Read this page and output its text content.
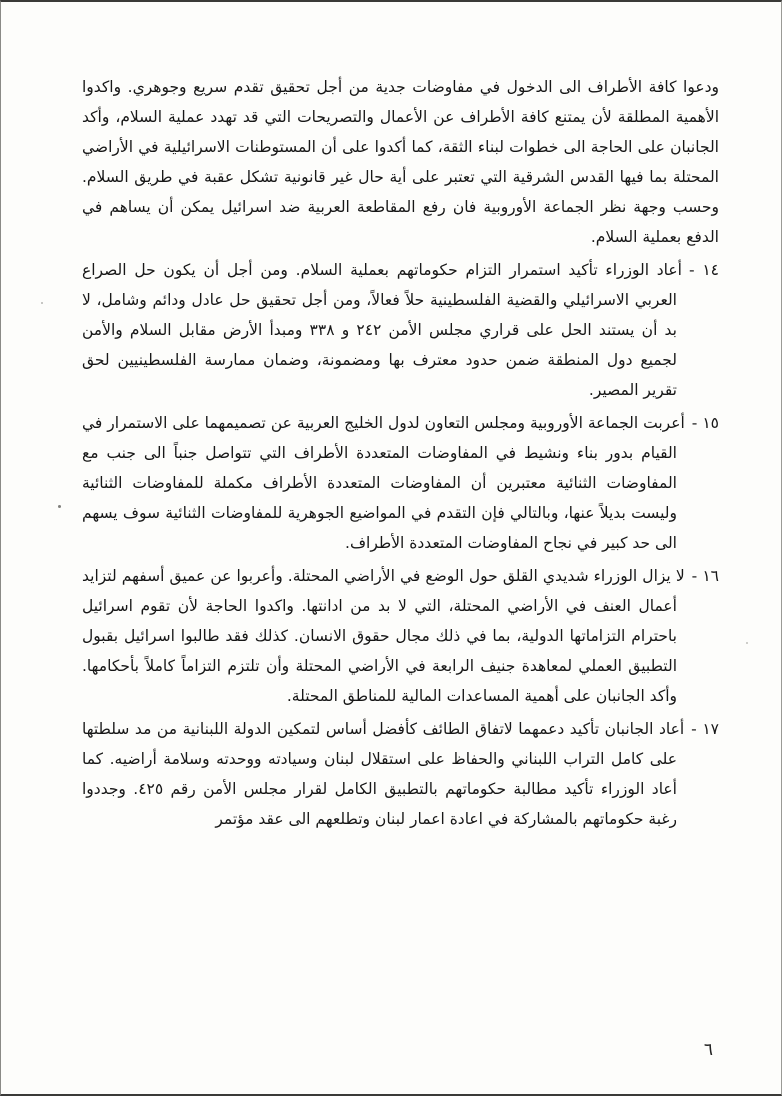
ودعوا كافة الأطراف الى الدخول في مفاوضات جدية من أجل تحقيق تقدم سريع وجوهري. واكدوا الأهمية المطلقة لأن يمتنع كافة الأطراف عن الأعمال والتصريحات التي قد تهدد عملية السلام، وأكد الجانبان على الحاجة الى خطوات لبناء الثقة، كما أكدوا على أن المستوطنات الاسرائيلية في الأراضي المحتلة بما فيها القدس الشرقية التي تعتبر على أية حال غير قانونية تشكل عقبة في طريق السلام. وحسب وجهة نظر الجماعة الأوروبية فان رفع المقاطعة العربية ضد اسرائيل يمكن أن يساهم في الدفع بعملية السلام.

١٤ -أعاد الوزراء تأكيد استمرار التزام حكوماتهم بعملية السلام. ومن أجل أن يكون حل الصراع العربي الاسرائيلي والقضية الفلسطينية حلاً فعالاً، ومن أجل تحقيق حل عادل ودائم وشامل، لا بد أن يستند الحل على قراري مجلس الأمن ٢٤٢ و ٣٣٨ ومبدأ الأرض مقابل السلام والأمن لجميع دول المنطقة ضمن حدود معترف بها ومضمونة، وضمان ممارسة الفلسطينيين لحق تقرير المصير.

١٥ -أعربت الجماعة الأوروبية ومجلس التعاون لدول الخليج العربية عن تصميمهما على الاستمرار في القيام بدور بناء ونشيط في المفاوضات المتعددة الأطراف التي تتواصل جنباً الى جنب مع المفاوضات الثنائية معتبرين أن المفاوضات المتعددة الأطراف مكملة للمفاوضات الثنائية وليست بديلاً عنها، وبالتالي فإن التقدم في المواضيع الجوهرية للمفاوضات الثنائية سوف يسهم الى حد كبير في نجاح المفاوضات المتعددة الأطراف.

١٦ -لا يزال الوزراء شديدي القلق حول الوضع في الأراضي المحتلة. وأعربوا عن عميق أسفهم لتزايد أعمال العنف في الأراضي المحتلة، التي لا بد من ادانتها. واكدوا الحاجة لأن تقوم اسرائيل باحترام التزاماتها الدولية، بما في ذلك مجال حقوق الانسان. كذلك فقد طالبوا اسرائيل بقبول التطبيق العملي لمعاهدة جنيف الرابعة في الأراضي المحتلة وأن تلتزم التزاماً كاملاً بأحكامها. وأكد الجانبان على أهمية المساعدات المالية للمناطق المحتلة.

١٧ -أعاد الجانبان تأكيد دعمهما لاتفاق الطائف كأفضل أساس لتمكين الدولة اللبنانية من مد سلطتها على كامل التراب اللبناني والحفاظ على استقلال لبنان وسيادته ووحدته وسلامة أراضيه. كما أعاد الوزراء تأكيد مطالبة حكوماتهم بالتطبيق الكامل لقرار مجلس الأمن رقم ٤٢٥. وجددوا رغبة حكوماتهم بالمشاركة في اعادة اعمار لبنان وتطلعهم الى عقد مؤتمر

٦
